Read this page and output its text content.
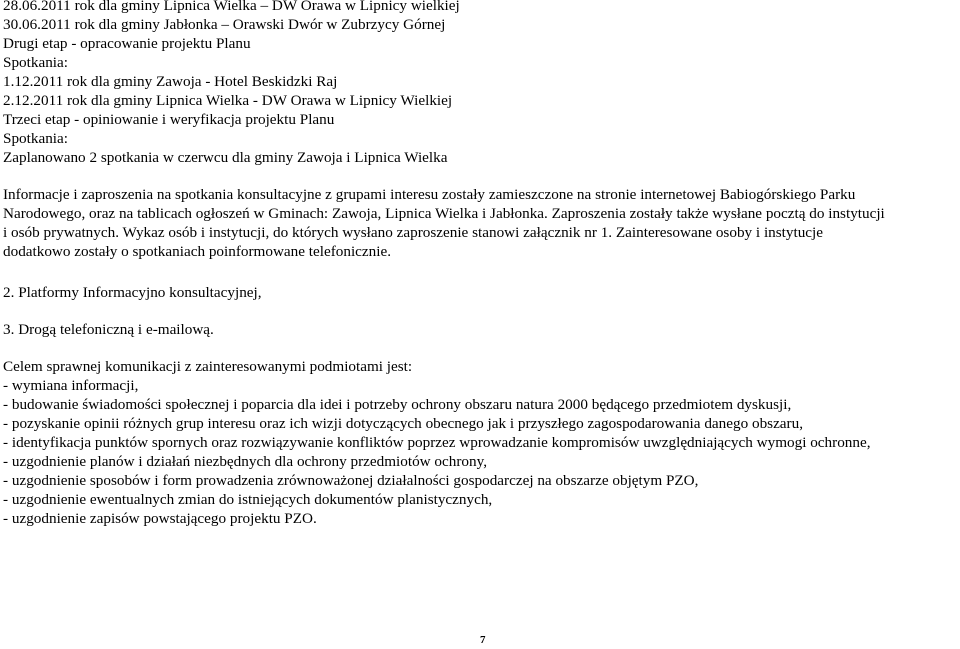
28.06.2011 rok dla gminy Lipnica Wielka – DW Orawa w Lipnicy wielkiej
30.06.2011 rok dla gminy Jabłonka – Orawski Dwór w Zubrzycy Górnej
Drugi etap - opracowanie projektu Planu
Spotkania:
1.12.2011 rok dla gminy Zawoja - Hotel Beskidzki Raj
2.12.2011 rok dla gminy Lipnica Wielka - DW Orawa w Lipnicy Wielkiej
Trzeci etap - opiniowanie i weryfikacja projektu Planu
Spotkania:
Zaplanowano 2 spotkania w czerwcu dla gminy Zawoja i Lipnica Wielka
Informacje i zaproszenia na spotkania konsultacyjne z grupami interesu zostały zamieszczone na stronie internetowej Babiogórskiego Parku
Narodowego, oraz na tablicach ogłoszeń w Gminach: Zawoja, Lipnica Wielka i Jabłonka. Zaproszenia zostały także wysłane pocztą do instytucji
i osób prywatnych. Wykaz osób i instytucji, do których wysłano zaproszenie stanowi załącznik nr 1. Zainteresowane osoby i instytucje
dodatkowo zostały o spotkaniach poinformowane telefonicznie.
2. Platformy Informacyjno konsultacyjnej,
3. Drogą telefoniczną i e-mailową.
Celem sprawnej komunikacji z zainteresowanymi podmiotami jest:
- wymiana informacji,
- budowanie świadomości społecznej i poparcia dla idei i potrzeby ochrony obszaru natura 2000 będącego przedmiotem dyskusji,
- pozyskanie opinii różnych grup interesu oraz ich wizji dotyczących obecnego jak i przyszłego zagospodarowania danego obszaru,
- identyfikacja punktów spornych oraz rozwiązywanie konfliktów poprzez wprowadzanie kompromisów uwzględniających wymogi ochronne,
- uzgodnienie planów i działań niezbędnych dla ochrony przedmiotów ochrony,
- uzgodnienie sposobów i form prowadzenia zrównoważonej działalności gospodarczej na obszarze objętym PZO,
- uzgodnienie ewentualnych zmian do istniejących dokumentów planistycznych,
- uzgodnienie zapisów powstającego projektu PZO.
7
